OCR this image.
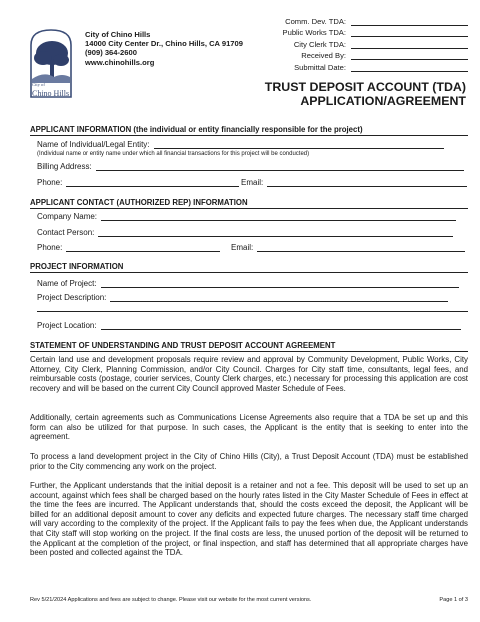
City of
Chino Hills
City of Chino Hills
14000 City Center Dr., Chino Hills, CA 91709
(909) 364-2600
www.chinohills.org
Comm. Dev. TDA:
Public Works TDA:
City Clerk TDA:
Received By:
Submittal Date:
TRUST DEPOSIT ACCOUNT (TDA)
APPLICATION/AGREEMENT
APPLICANT INFORMATION (the individual or entity financially responsible for the project)
Name of Individual/Legal Entity:
(Individual name or entity name under which all financial transactions for this project will be conducted)
Billing Address:
Phone:	Email:
APPLICANT CONTACT (AUTHORIZED REP) INFORMATION
Company Name:
Contact Person:
Phone:	Email:
PROJECT INFORMATION
Name of Project:
Project Description:
Project Location:
STATEMENT OF UNDERSTANDING AND TRUST DEPOSIT ACCOUNT AGREEMENT
Certain land use and development proposals require review and approval by Community Development, Public Works, City Attorney, City Clerk, Planning Commission, and/or City Council. Charges for City staff time, consultants, legal fees, and reimbursable costs (postage, courier services, County Clerk charges, etc.) necessary for processing this application are cost recovery and will be based on the current City Council approved Master Schedule of Fees.
Additionally, certain agreements such as Communications License Agreements also require that a TDA be set up and this form can also be utilized for that purpose. In such cases, the Applicant is the entity that is seeking to enter into the agreement.
To process a land development project in the City of Chino Hills (City), a Trust Deposit Account (TDA) must be established prior to the City commencing any work on the project.
Further, the Applicant understands that the initial deposit is a retainer and not a fee. This deposit will be used to set up an account, against which fees shall be charged based on the hourly rates listed in the City Master Schedule of Fees in effect at the time the fees are incurred. The Applicant understands that, should the costs exceed the deposit, the Applicant will be billed for an additional deposit amount to cover any deficits and expected future charges. The necessary staff time charged will vary according to the complexity of the project. If the Applicant fails to pay the fees when due, the Applicant understands that City staff will stop working on the project. If the final costs are less, the unused portion of the deposit will be returned to the Applicant at the completion of the project, or final inspection, and staff has determined that all appropriate charges have been posted and collected against the TDA.
Rev 5/21/2024 Applications and fees are subject to change. Please visit our website for the most current versions.	Page 1 of 3
